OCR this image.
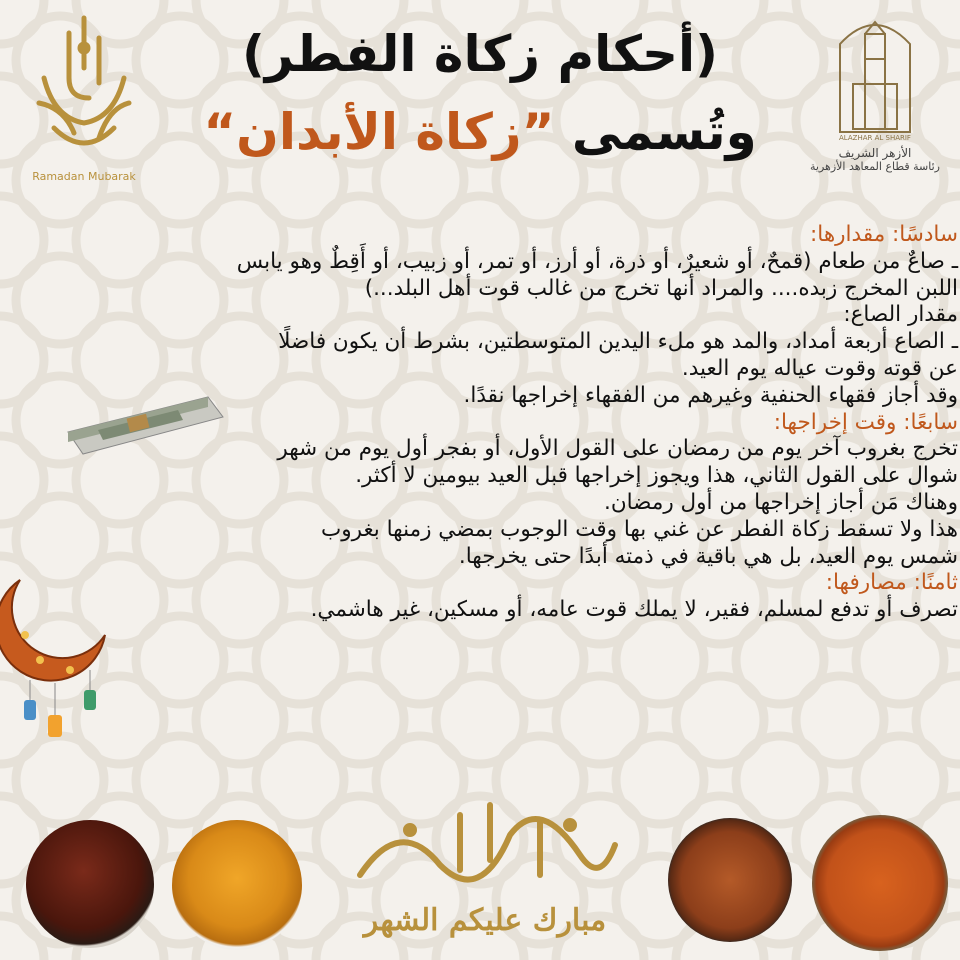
Ramadan Mubarak
ALAZHAR AL SHARIF
الأزهر الشريف
رئاسة قطاع المعاهد الأزهرية
(أحكام زكاة الفطر)
وتُسمى ”زكاة الأبدان“
سادسًا: مقدارها:
ـ صاعٌ من طعام (قمحٌ، أو شعيرٌ، أو ذرة، أو أرز، أو تمر، أو زبيب، أو أَقِطٌ وهو يابس
اللبن المخرج زبده.... والمراد أنها تخرج من غالب قوت أهل البلد...)
مقدار الصاع:
ـ الصاع أربعة أمداد، والمد هو ملء اليدين المتوسطتين، بشرط أن يكون فاضلًا
عن قوته وقوت عياله يوم العيد.
وقد أجاز فقهاء الحنفية وغيرهم من الفقهاء إخراجها نقدًا.
سابعًا: وقت إخراجها:
تخرج بغروب آخر يوم من رمضان على القول الأول، أو بفجر أول يوم من شهر
شوال على القول الثاني، هذا ويجوز إخراجها قبل العيد بيومين لا أكثر.
وهناك مَن أجاز إخراجها من أول رمضان.
هذا ولا تسقط زكاة الفطر عن غني بها وقت الوجوب بمضي زمنها بغروب
شمس يوم العيد، بل هي باقية في ذمته أبدًا حتى يخرجها.
ثامنًا: مصارفها:
تصرف أو تدفع لمسلم، فقير، لا يملك قوت عامه، أو مسكين، غير هاشمي.
مبارك عليكم الشهر
